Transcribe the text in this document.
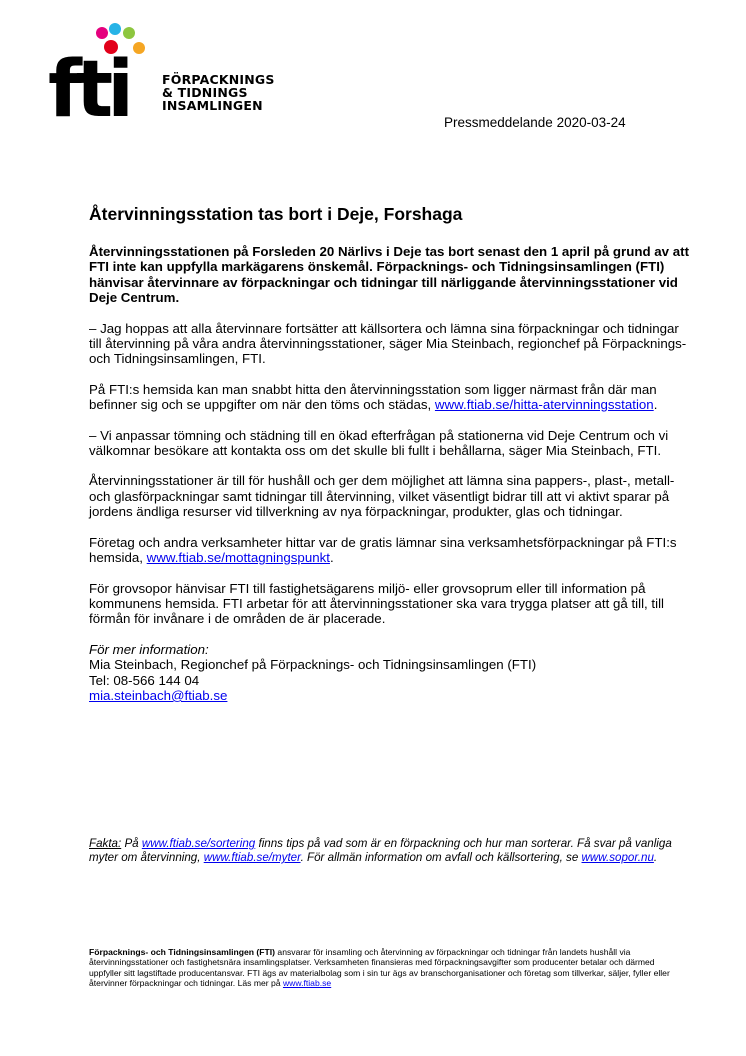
fti	FÖRPACKNINGS
& TIDNINGS
INSAMLINGEN
Pressmeddelande 2020-03-24
Återvinningsstation tas bort i Deje, Forshaga

Återvinningsstationen på Forsleden 20 Närlivs i Deje tas bort senast den 1 april på grund av att FTI inte kan uppfylla markägarens önskemål. Förpacknings- och Tidningsinsamlingen (FTI) hänvisar återvinnare av förpackningar och tidningar till närliggande återvinningsstationer vid Deje Centrum.

– Jag hoppas att alla återvinnare fortsätter att källsortera och lämna sina förpackningar och tidningar till återvinning på våra andra återvinningsstationer, säger Mia Steinbach, regionchef på Förpacknings- och Tidningsinsamlingen, FTI.

På FTI:s hemsida kan man snabbt hitta den återvinningsstation som ligger närmast från där man befinner sig och se uppgifter om när den töms och städas, www.ftiab.se/hitta-atervinningsstation.

– Vi anpassar tömning och städning till en ökad efterfrågan på stationerna vid Deje Centrum och vi välkomnar besökare att kontakta oss om det skulle bli fullt i behållarna, säger Mia Steinbach, FTI.

Återvinningsstationer är till för hushåll och ger dem möjlighet att lämna sina pappers-, plast-, metall- och glasförpackningar samt tidningar till återvinning, vilket väsentligt bidrar till att vi aktivt sparar på jordens ändliga resurser vid tillverkning av nya förpackningar, produkter, glas och tidningar.

Företag och andra verksamheter hittar var de gratis lämnar sina verksamhetsförpackningar på FTI:s hemsida, www.ftiab.se/mottagningspunkt.

För grovsopor hänvisar FTI till fastighetsägarens miljö- eller grovsoprum eller till information på kommunens hemsida. FTI arbetar för att återvinningsstationer ska vara trygga platser att gå till, till förmån för invånare i de områden de är placerade.

För mer information:
Mia Steinbach, Regionchef på Förpacknings- och Tidningsinsamlingen (FTI)
Tel: 08-566 144 04
mia.steinbach@ftiab.se
Fakta: På www.ftiab.se/sortering finns tips på vad som är en förpackning och hur man sorterar. Få svar på vanliga myter om återvinning, www.ftiab.se/myter. För allmän information om avfall och källsortering, se www.sopor.nu.
Förpacknings- och Tidningsinsamlingen (FTI) ansvarar för insamling och återvinning av förpackningar och tidningar från landets hushåll via återvinningsstationer och fastighetsnära insamlingsplatser. Verksamheten finansieras med förpackningsavgifter som producenter betalar och därmed uppfyller sitt lagstiftade producentansvar. FTI ägs av materialbolag som i sin tur ägs av branschorganisationer och företag som tillverkar, säljer, fyller eller återvinner förpackningar och tidningar. Läs mer på www.ftiab.se
